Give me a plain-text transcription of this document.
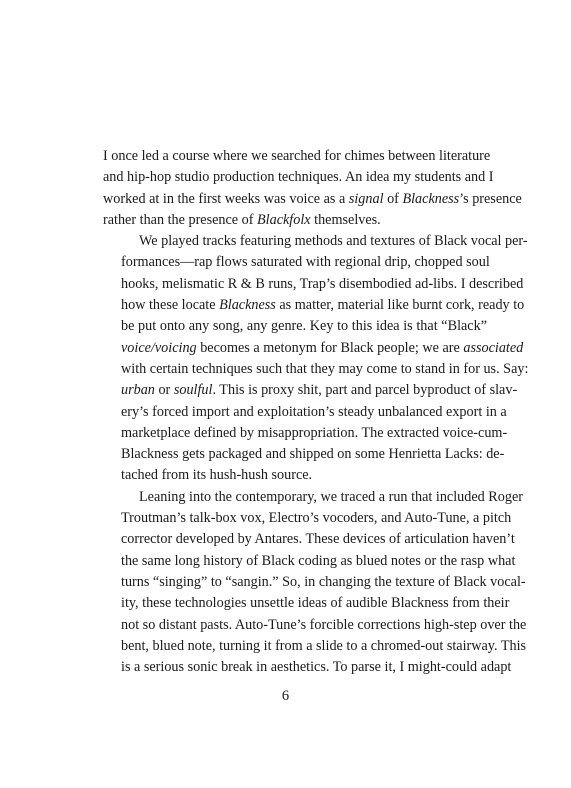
I once led a course where we searched for chimes between literature
and hip-hop studio production techniques. An idea my students and I
worked at in the first weeks was voice as a signal of Blackness’s presence
rather than the presence of Blackfolx themselves.

We played tracks featuring methods and textures of Black vocal per-
formances—rap flows saturated with regional drip, chopped soul
hooks, melismatic R & B runs, Trap’s disembodied ad-libs. I described
how these locate Blackness as matter, material like burnt cork, ready to
be put onto any song, any genre. Key to this idea is that “Black”
voice/voicing becomes a metonym for Black people; we are associated
with certain techniques such that they may come to stand in for us. Say:
urban or soulful. This is proxy shit, part and parcel byproduct of slav-
ery’s forced import and exploitation’s steady unbalanced export in a
marketplace defined by misappropriation. The extracted voice-cum-
Blackness gets packaged and shipped on some Henrietta Lacks: de-
tached from its hush-hush source.

Leaning into the contemporary, we traced a run that included Roger
Troutman’s talk-box vox, Electro’s vocoders, and Auto-Tune, a pitch
corrector developed by Antares. These devices of articulation haven’t
the same long history of Black coding as blued notes or the rasp what
turns “singing” to “sangin.” So, in changing the texture of Black vocal-
ity, these technologies unsettle ideas of audible Blackness from their
not so distant pasts. Auto-Tune’s forcible corrections high-step over the
bent, blued note, turning it from a slide to a chromed-out stairway. This
is a serious sonic break in aesthetics. To parse it, I might-could adapt

6
